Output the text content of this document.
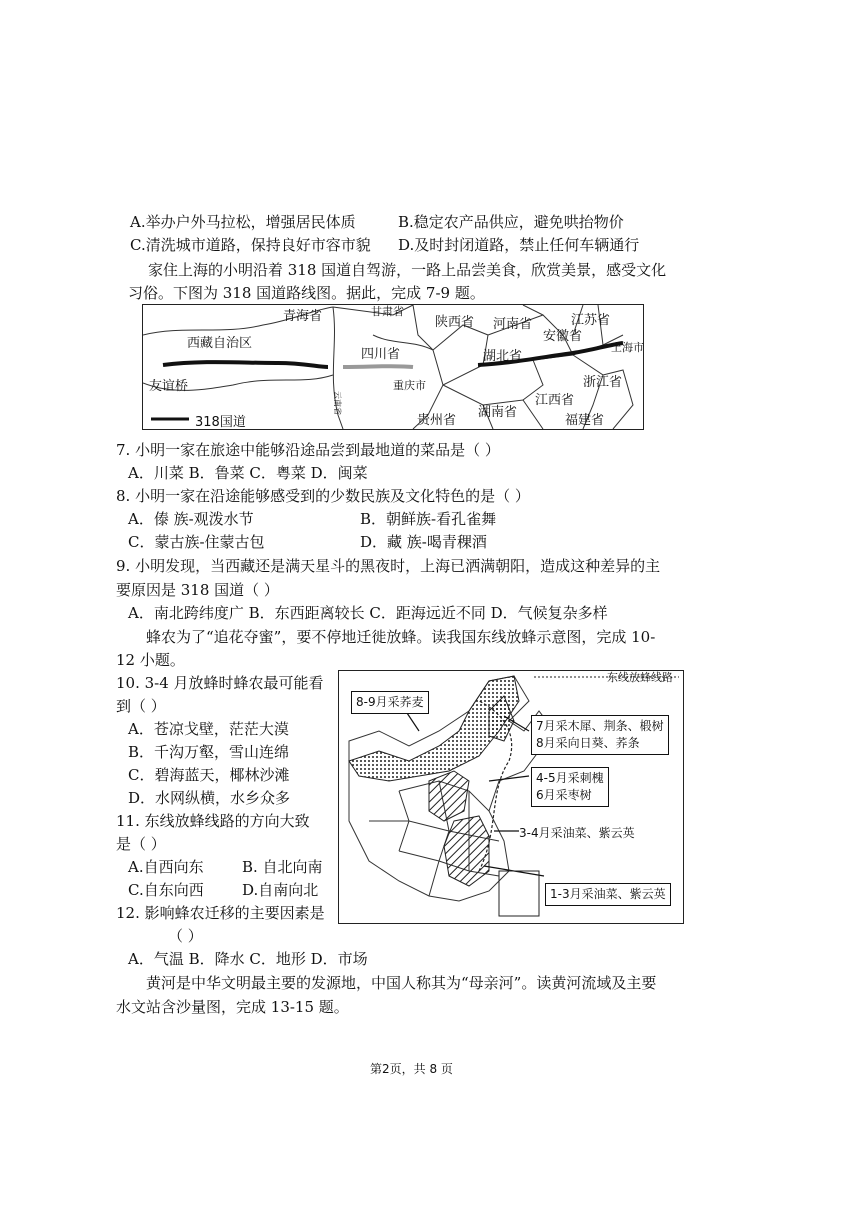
A.举办户外马拉松，增强居民体质	B.稳定农产品供应，避免哄抬物价
C.清洗城市道路，保持良好市容市貌 D.及时封闭道路，禁止任何车辆通行
家住上海的小明沿着 318 国道自驾游，一路上品尝美食，欣赏美景，感受文化
习俗。下图为 318 国道路线图。据此，完成 7-9 题。
青海省	甘肃省
陕西省 河南省	江苏省
安徽省
上海市
西藏自治区
四川省	湖北省
浙江省
友谊桥	重庆市
江西省
湖南省
贵州省	福建省
云南省
318国道
7. 小明一家在旅途中能够沿途品尝到最地道的菜品是（ ）
A．川菜 B．鲁菜 C．粤菜 D．闽菜
8. 小明一家在沿途能够感受到的少数民族及文化特色的是（ ）
A．傣 族-观泼水节	B．朝鲜族-看孔雀舞
C．蒙古族-住蒙古包	D．藏 族-喝青稞酒
9. 小明发现，当西藏还是满天星斗的黑夜时，上海已洒满朝阳，造成这种差异的主
要原因是 318 国道（ ）
A．南北跨纬度广 B．东西距离较长 C．距海远近不同 D．气候复杂多样
蜂农为了“追花夺蜜”，要不停地迁徙放蜂。读我国东线放蜂示意图，完成 10-
12 小题。
10. 3-4 月放蜂时蜂农最可能看
到（ ）
A．苍凉戈壁，茫茫大漠
B．千沟万壑，雪山连绵
C．碧海蓝天，椰林沙滩
D．水网纵横，水乡众多
11. 东线放蜂线路的方向大致
是（ ）
A.自西向东	B. 自北向南
C.自东向西	D.自南向北
12. 影响蜂农迁移的主要因素是
（ ）
A．气温 B．降水 C．地形 D．市场
东线放蜂线路
8-9月采荞麦
7月采木犀、荆条、椴树
8月采向日葵、荞条
4-5月采刺槐
6月采枣树
3-4月采油菜、紫云英
1-3月采油菜、紫云英
黄河是中华文明最主要的发源地，中国人称其为“母亲河”。读黄河流域及主要
水文站含沙量图，完成 13-15 题。
第2页，共 8 页
